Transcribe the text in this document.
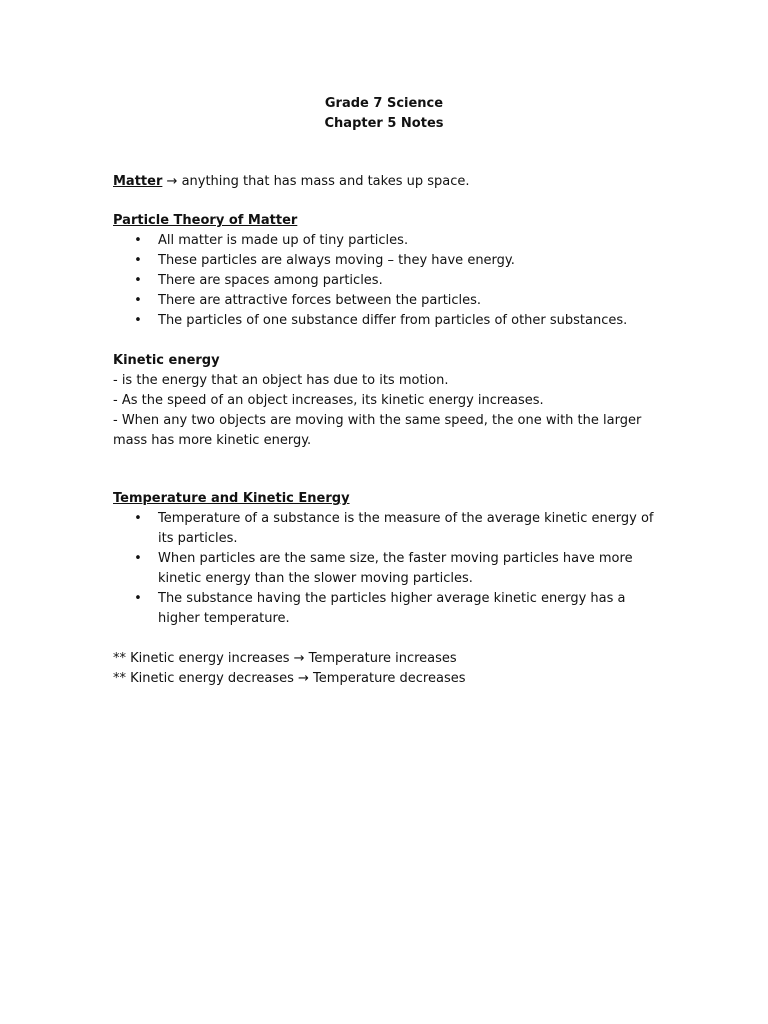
Grade 7 Science
Chapter 5 Notes

Matter → anything that has mass and takes up space.

Particle Theory of Matter

• All matter is made up of tiny particles.
• These particles are always moving – they have energy.
• There are spaces among particles.
• There are attractive forces between the particles.
• The particles of one substance differ from particles of other substances.

Kinetic energy

- is the energy that an object has due to its motion.

- As the speed of an object increases, its kinetic energy increases.

- When any two objects are moving with the same speed, the one with the larger mass has more kinetic energy.

Temperature and Kinetic Energy

• Temperature of a substance is the measure of the average kinetic energy of its particles.
• When particles are the same size, the faster moving particles have more kinetic energy than the slower moving particles.
• The substance having the particles higher average kinetic energy has a higher temperature.

** Kinetic energy increases → Temperature increases

** Kinetic energy decreases → Temperature decreases
